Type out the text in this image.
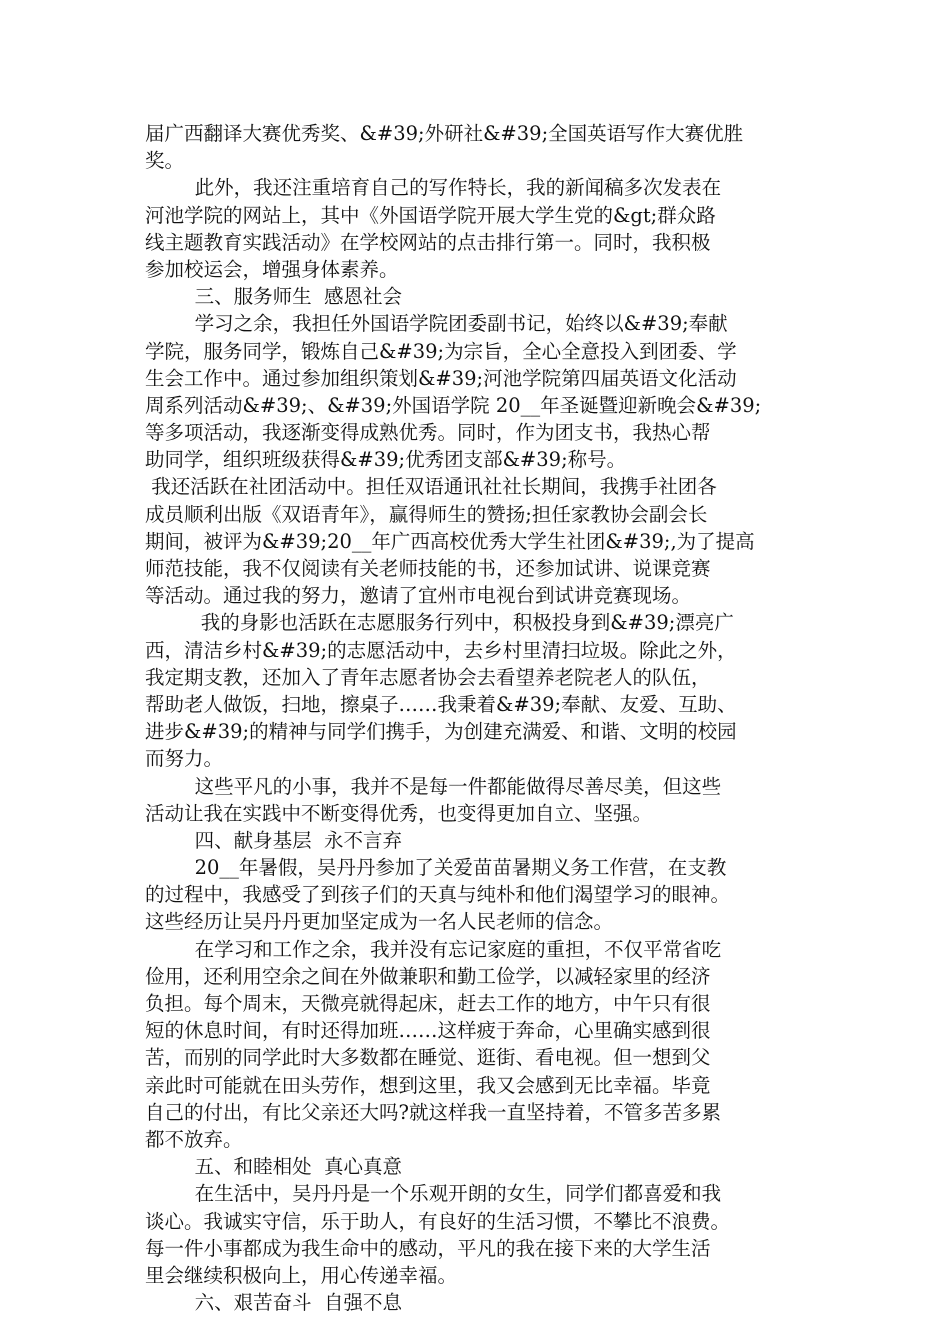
届广西翻译大赛优秀奖、&#39;外研社&#39;全国英语写作大赛优胜
奖。
此外，我还注重培育自己的写作特长，我的新闻稿多次发表在
河池学院的网站上，其中《外国语学院开展大学生党的&gt;群众路
线主题教育实践活动》在学校网站的点击排行第一。同时，我积极
参加校运会，增强身体素养。
三、服务师生  感恩社会
学习之余，我担任外国语学院团委副书记，始终以&#39;奉献
学院，服务同学，锻炼自己&#39;为宗旨，全心全意投入到团委、学
生会工作中。通过参加组织策划&#39;河池学院第四届英语文化活动
周系列活动&#39;、&#39;外国语学院 20__年圣诞暨迎新晚会&#39;
等多项活动，我逐渐变得成熟优秀。同时，作为团支书，我热心帮
助同学，组织班级获得&#39;优秀团支部&#39;称号。
我还活跃在社团活动中。担任双语通讯社社长期间，我携手社团各
成员顺利出版《双语青年》，赢得师生的赞扬;担任家教协会副会长
期间，被评为&#39;20__年广西高校优秀大学生社团&#39;,为了提高
师范技能，我不仅阅读有关老师技能的书，还参加试讲、说课竞赛
等活动。通过我的努力，邀请了宜州市电视台到试讲竞赛现场。
我的身影也活跃在志愿服务行列中，积极投身到&#39;漂亮广
西，清洁乡村&#39;的志愿活动中，去乡村里清扫垃圾。除此之外，
我定期支教，还加入了青年志愿者协会去看望养老院老人的队伍，
帮助老人做饭，扫地，擦桌子……我秉着&#39;奉献、友爱、互助、
进步&#39;的精神与同学们携手，为创建充满爱、和谐、文明的校园
而努力。
这些平凡的小事，我并不是每一件都能做得尽善尽美，但这些
活动让我在实践中不断变得优秀，也变得更加自立、坚强。
四、献身基层  永不言弃
20__年暑假，吴丹丹参加了关爱苗苗暑期义务工作营，在支教
的过程中，我感受了到孩子们的天真与纯朴和他们渴望学习的眼神。
这些经历让吴丹丹更加坚定成为一名人民老师的信念。
在学习和工作之余，我并没有忘记家庭的重担，不仅平常省吃
俭用，还利用空余之间在外做兼职和勤工俭学，以减轻家里的经济
负担。每个周末，天微亮就得起床，赶去工作的地方，中午只有很
短的休息时间，有时还得加班……这样疲于奔命，心里确实感到很
苦，而别的同学此时大多数都在睡觉、逛街、看电视。但一想到父
亲此时可能就在田头劳作，想到这里，我又会感到无比幸福。毕竟
自己的付出，有比父亲还大吗?就这样我一直坚持着，不管多苦多累
都不放弃。
五、和睦相处  真心真意
在生活中，吴丹丹是一个乐观开朗的女生，同学们都喜爱和我
谈心。我诚实守信，乐于助人，有良好的生活习惯，不攀比不浪费。
每一件小事都成为我生命中的感动，平凡的我在接下来的大学生活
里会继续积极向上，用心传递幸福。
六、艰苦奋斗  自强不息
